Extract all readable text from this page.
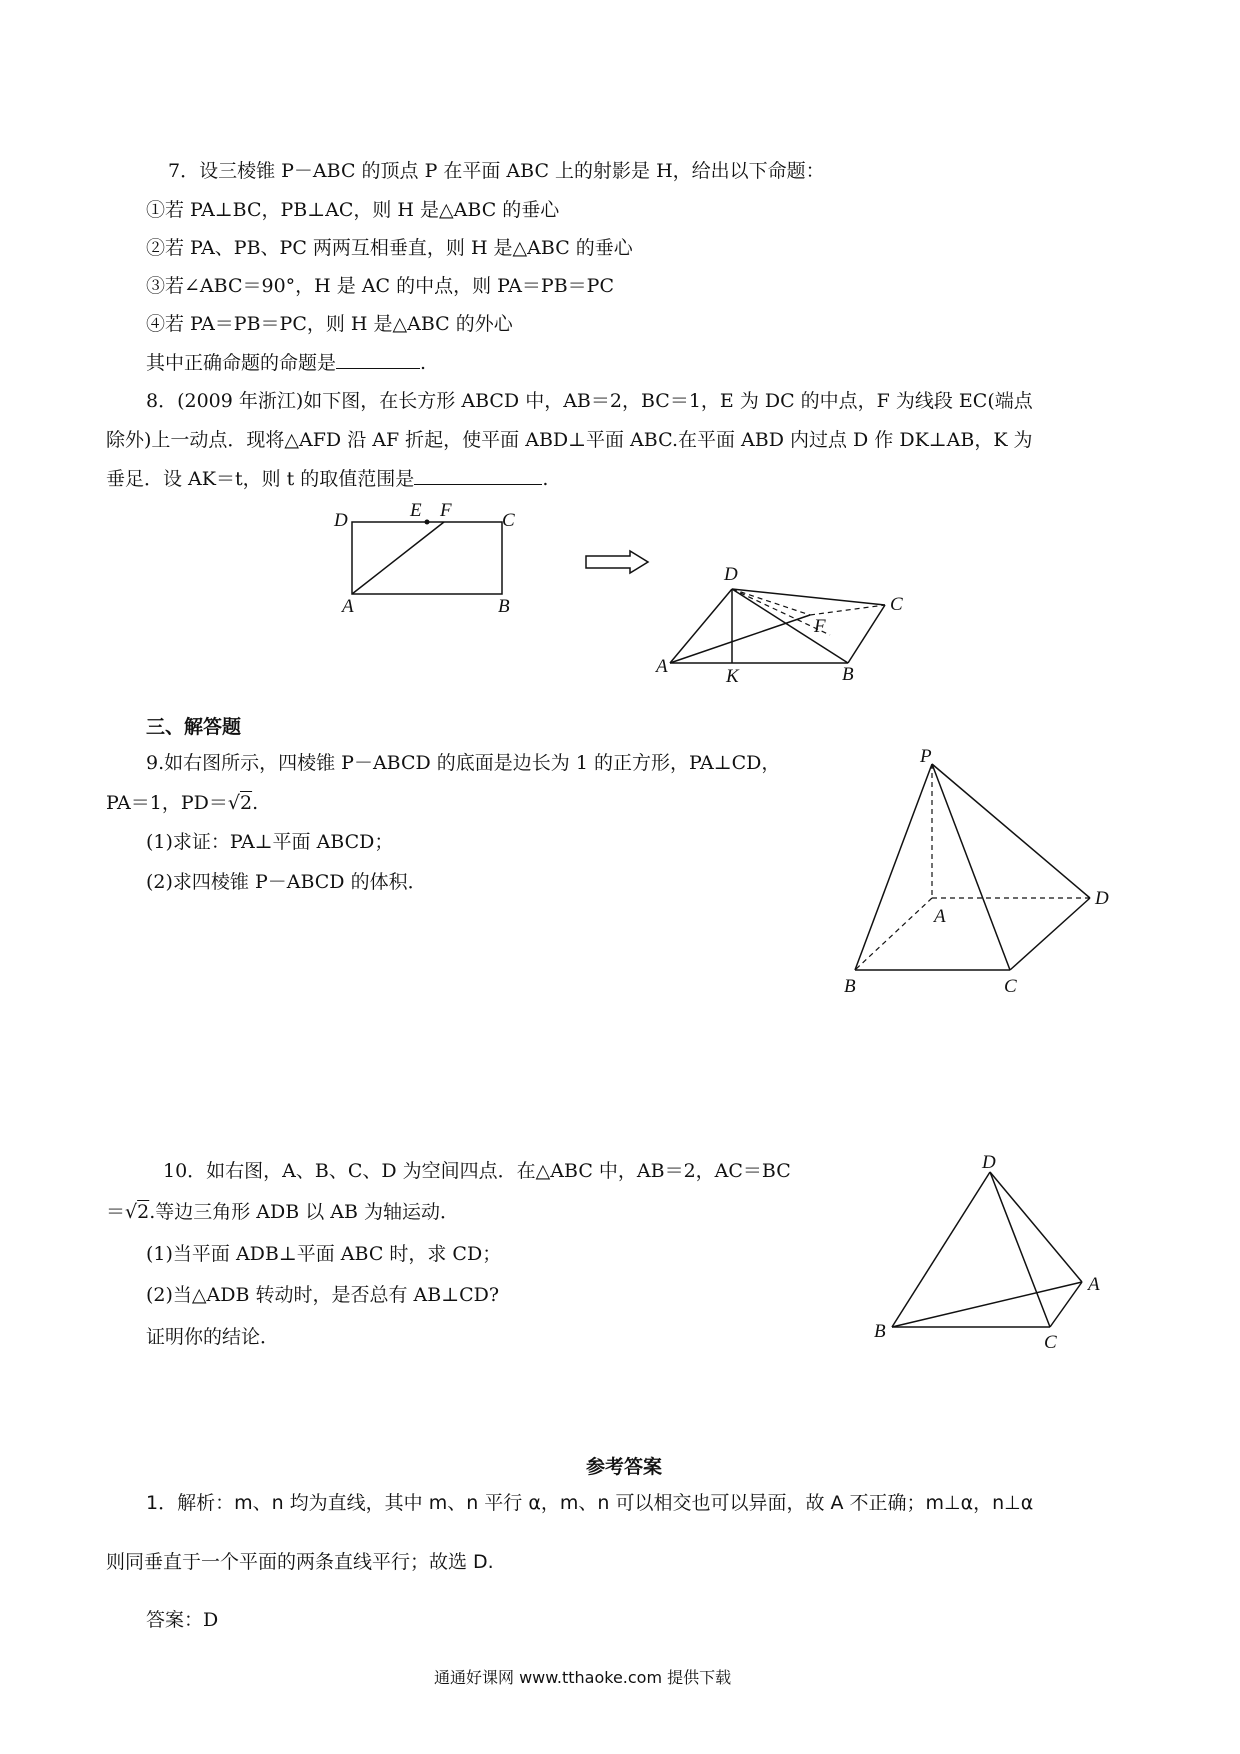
7．设三棱锥 P－ABC 的顶点 P 在平面 ABC 上的射影是 H，给出以下命题：
①若 PA⊥BC，PB⊥AC，则 H 是△ABC 的垂心
②若 PA、PB、PC 两两互相垂直，则 H 是△ABC 的垂心
③若∠ABC＝90°，H 是 AC 的中点，则 PA＝PB＝PC
④若 PA＝PB＝PC，则 H 是△ABC 的外心
其中正确命题的命题是	.
8．(2009 年浙江)如下图，在长方形 ABCD 中，AB＝2，BC＝1，E 为 DC 的中点，F 为线段 EC(端点
除外)上一动点．现将△AFD 沿 AF 折起，使平面 ABD⊥平面 ABC.在平面 ABD 内过点 D 作 DK⊥AB，K 为
垂足．设 AK＝t，则 t 的取值范围是	.
D	E F	C
A	B
D
C
F
A	K	B
三、解答题
9.如右图所示，四棱锥 P－ABCD 的底面是边长为 1 的正方形，PA⊥CD，
PA＝1，PD＝√2.
(1)求证：PA⊥平面 ABCD；
(2)求四棱锥 P－ABCD 的体积．
P
A
D
B	C
10．如右图，A、B、C、D 为空间四点．在△ABC 中，AB＝2，AC＝BC
＝√2.等边三角形 ADB 以 AB 为轴运动．
(1)当平面 ADB⊥平面 ABC 时，求 CD；
(2)当△ADB 转动时，是否总有 AB⊥CD?
证明你的结论．
D
A
B
C
参考答案
1．解析：m、n 均为直线，其中 m、n 平行 α，m、n 可以相交也可以异面，故 A 不正确；m⊥α，n⊥α
则同垂直于一个平面的两条直线平行；故选 D.
答案：D
通通好课网 www.tthaoke.com 提供下载
